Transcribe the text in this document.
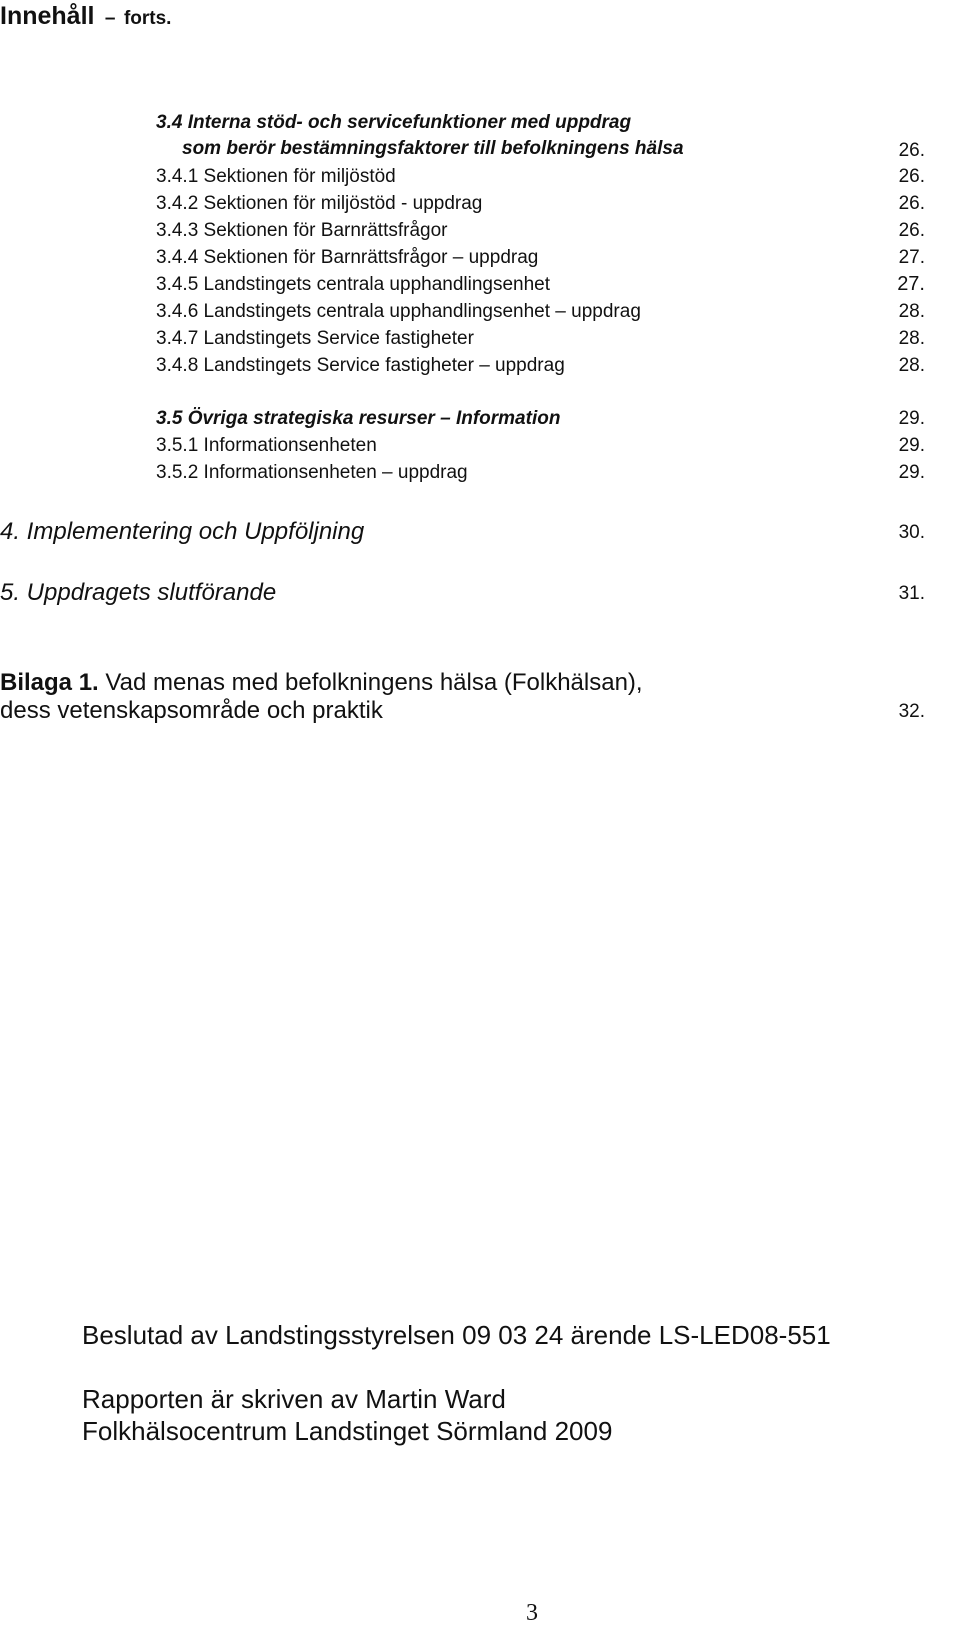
Innehåll – forts.
3.4 Interna stöd- och servicefunktioner med uppdrag
som berör bestämningsfaktorer till befolkningens hälsa	26.
3.4.1 Sektionen för miljöstöd	26.
3.4.2 Sektionen för miljöstöd - uppdrag	26.
3.4.3 Sektionen för Barnrättsfrågor	26.
3.4.4 Sektionen för Barnrättsfrågor – uppdrag	27.
3.4.5 Landstingets centrala upphandlingsenhet	27.
3.4.6 Landstingets centrala upphandlingsenhet – uppdrag	28.
3.4.7 Landstingets Service fastigheter	28.
3.4.8 Landstingets Service fastigheter – uppdrag	28.
3.5 Övriga strategiska resurser – Information	29.
3.5.1 Informationsenheten	29.
3.5.2 Informationsenheten – uppdrag	29.
4. Implementering och Uppföljning	30.
5. Uppdragets slutförande	31.
Bilaga 1. Vad menas med befolkningens hälsa (Folkhälsan),
dess vetenskapsområde och praktik	32.
Beslutad av Landstingsstyrelsen 09 03 24 ärende LS-LED08-551
Rapporten är skriven av Martin Ward
Folkhälsocentrum Landstinget Sörmland 2009
3
